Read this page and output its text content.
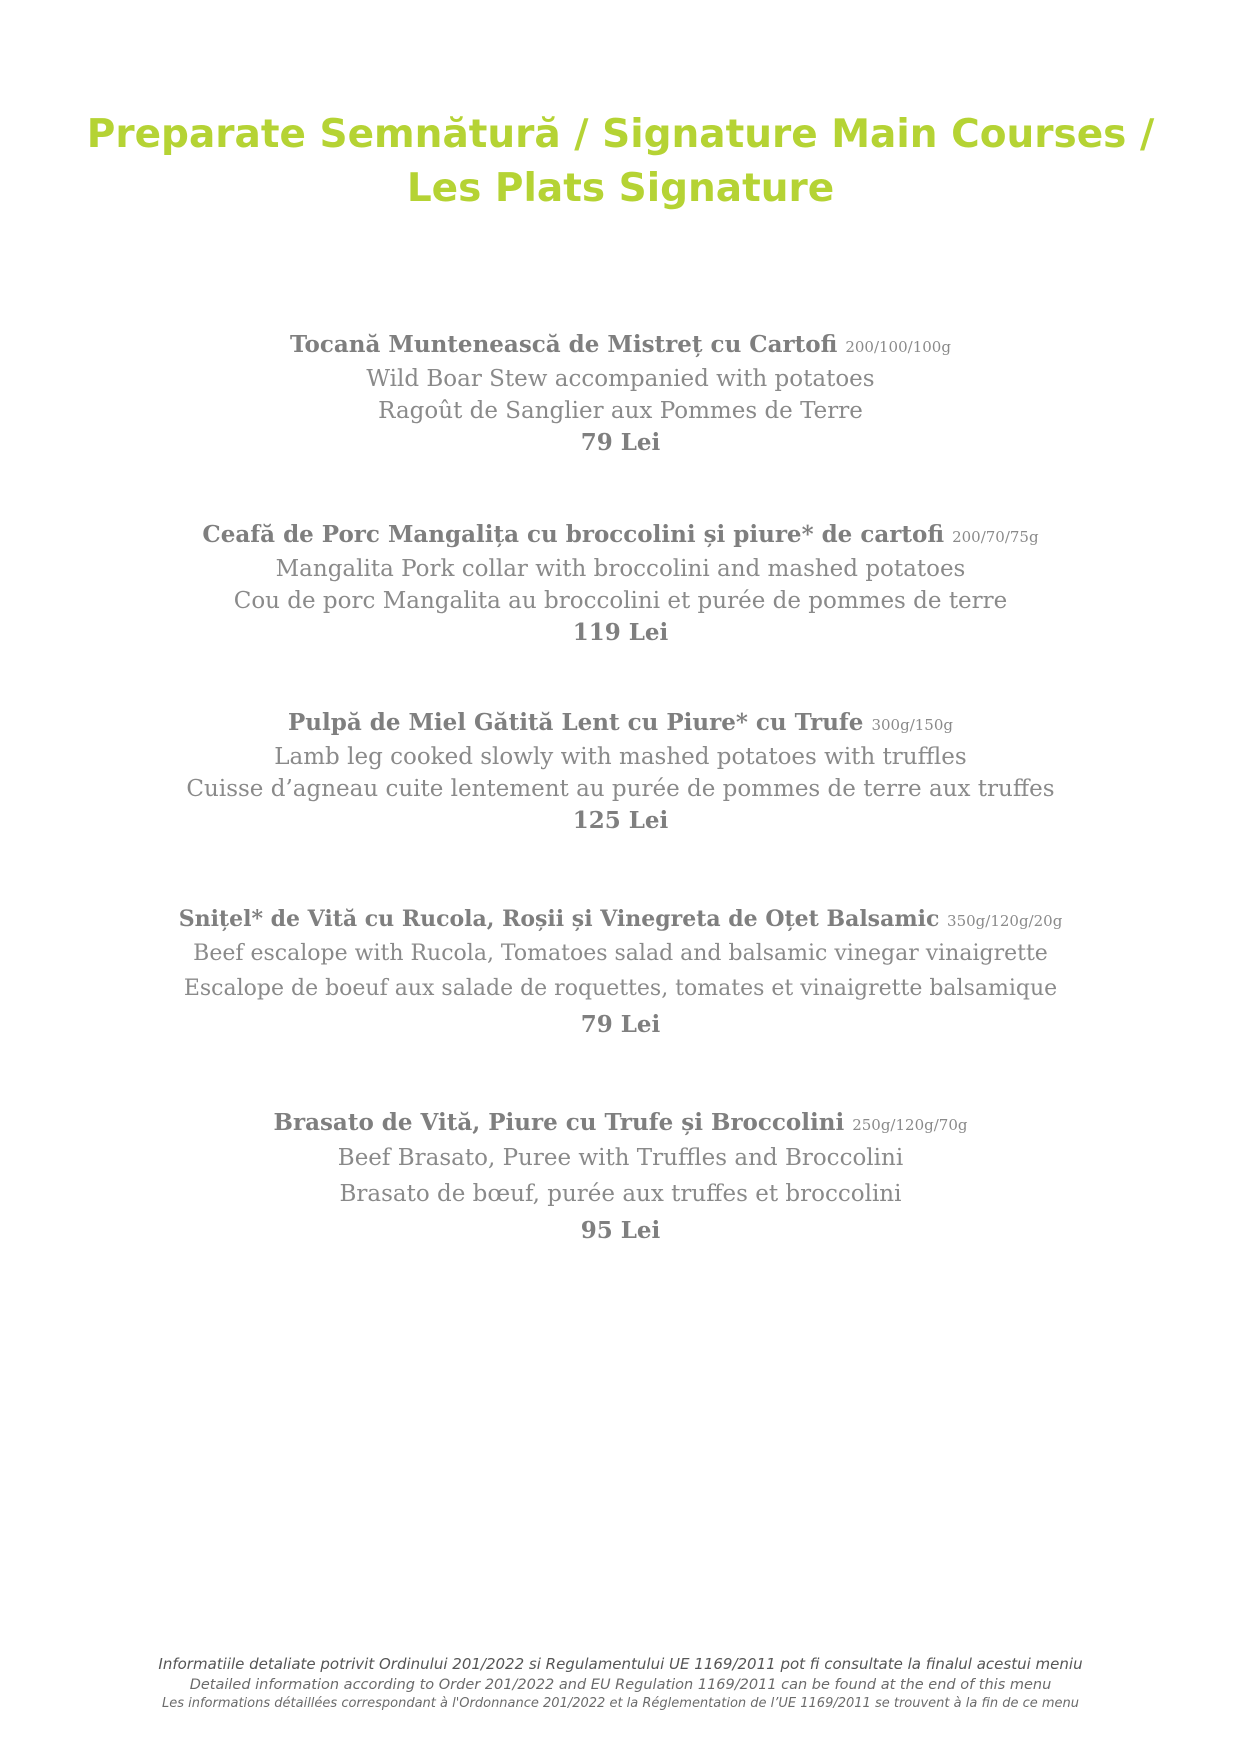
Preparate Semnătură / Signature Main Courses /
Les Plats Signature
Tocană Muntenească de Mistreț cu Cartofi 200/100/100g
Wild Boar Stew accompanied with potatoes
Ragoût de Sanglier aux Pommes de Terre
79 Lei
Ceafă de Porc Mangalița cu broccolini și piure* de cartofi 200/70/75g
Mangalita Pork collar with broccolini and mashed potatoes
Cou de porc Mangalita au broccolini et purée de pommes de terre
119 Lei
Pulpă de Miel Gătită Lent cu Piure* cu Trufe 300g/150g
Lamb leg cooked slowly with mashed potatoes with truffles
Cuisse d’agneau cuite lentement au purée de pommes de terre aux truffes
125 Lei
Snițel* de Vită cu Rucola, Roșii și Vinegreta de Oțet Balsamic 350g/120g/20g
Beef escalope with Rucola, Tomatoes salad and balsamic vinegar vinaigrette
Escalope de boeuf aux salade de roquettes, tomates et vinaigrette balsamique
79 Lei
Brasato de Vită, Piure cu Trufe și Broccolini 250g/120g/70g
Beef Brasato, Puree with Truffles and Broccolini
Brasato de bœuf, purée aux truffes et broccolini
95 Lei
Informatiile detaliate potrivit Ordinului 201/2022 si Regulamentului UE 1169/2011 pot fi consultate la finalul acestui meniu
Detailed information according to Order 201/2022 and EU Regulation 1169/2011 can be found at the end of this menu
Les informations détaillées correspondant à l'Ordonnance 201/2022 et la Réglementation de l’UE 1169/2011 se trouvent à la fin de ce menu
